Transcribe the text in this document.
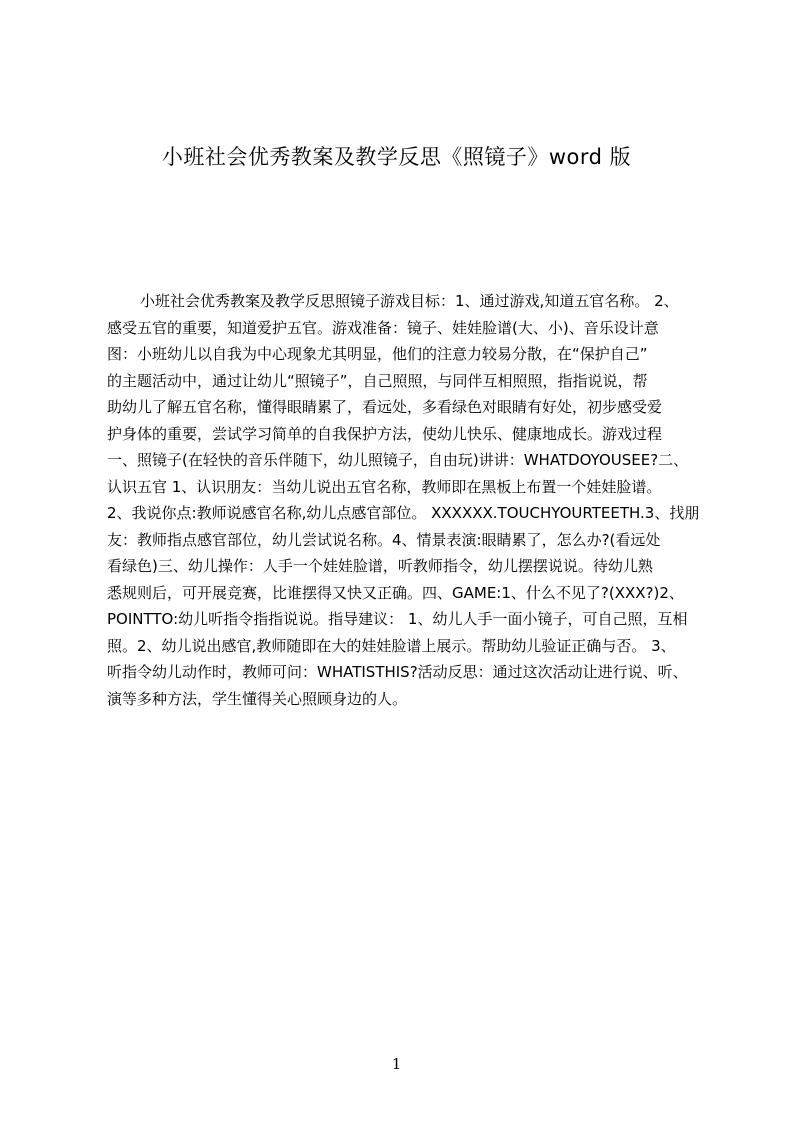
小班社会优秀教案及教学反思《照镜子》word 版
小班社会优秀教案及教学反思照镜子游戏目标：1、通过游戏,知道五官名称。 2、
感受五官的重要，知道爱护五官。游戏准备：镜子、娃娃脸谱(大、小)、音乐设计意
图：小班幼儿以自我为中心现象尤其明显，他们的注意力较易分散，在“保护自己”
的主题活动中，通过让幼儿“照镜子”，自己照照，与同伴互相照照，指指说说，帮
助幼儿了解五官名称，懂得眼睛累了，看远处，多看绿色对眼睛有好处，初步感受爱
护身体的重要，尝试学习简单的自我保护方法，使幼儿快乐、健康地成长。游戏过程
一、照镜子(在轻快的音乐伴随下，幼儿照镜子，自由玩)讲讲：WHATDOYOUSEE?二、
认识五官 1、认识朋友：当幼儿说出五官名称，教师即在黑板上布置一个娃娃脸谱。
2、我说你点:教师说感官名称,幼儿点感官部位。 XXXXXX.TOUCHYOURTEETH.3、找朋
友：教师指点感官部位，幼儿尝试说名称。4、情景表演:眼睛累了，怎么办?(看远处
看绿色)三、幼儿操作：人手一个娃娃脸谱，听教师指令，幼儿摆摆说说。待幼儿熟
悉规则后，可开展竞赛，比谁摆得又快又正确。四、GAME:1、什么不见了?(XXX?)2、
POINTTO:幼儿听指令指指说说。指导建议： 1、幼儿人手一面小镜子，可自己照，互相
照。2、幼儿说出感官,教师随即在大的娃娃脸谱上展示。帮助幼儿验证正确与否。 3、
听指令幼儿动作时，教师可问：WHATISTHIS?活动反思：通过这次活动让进行说、听、
演等多种方法，学生懂得关心照顾身边的人。
1
